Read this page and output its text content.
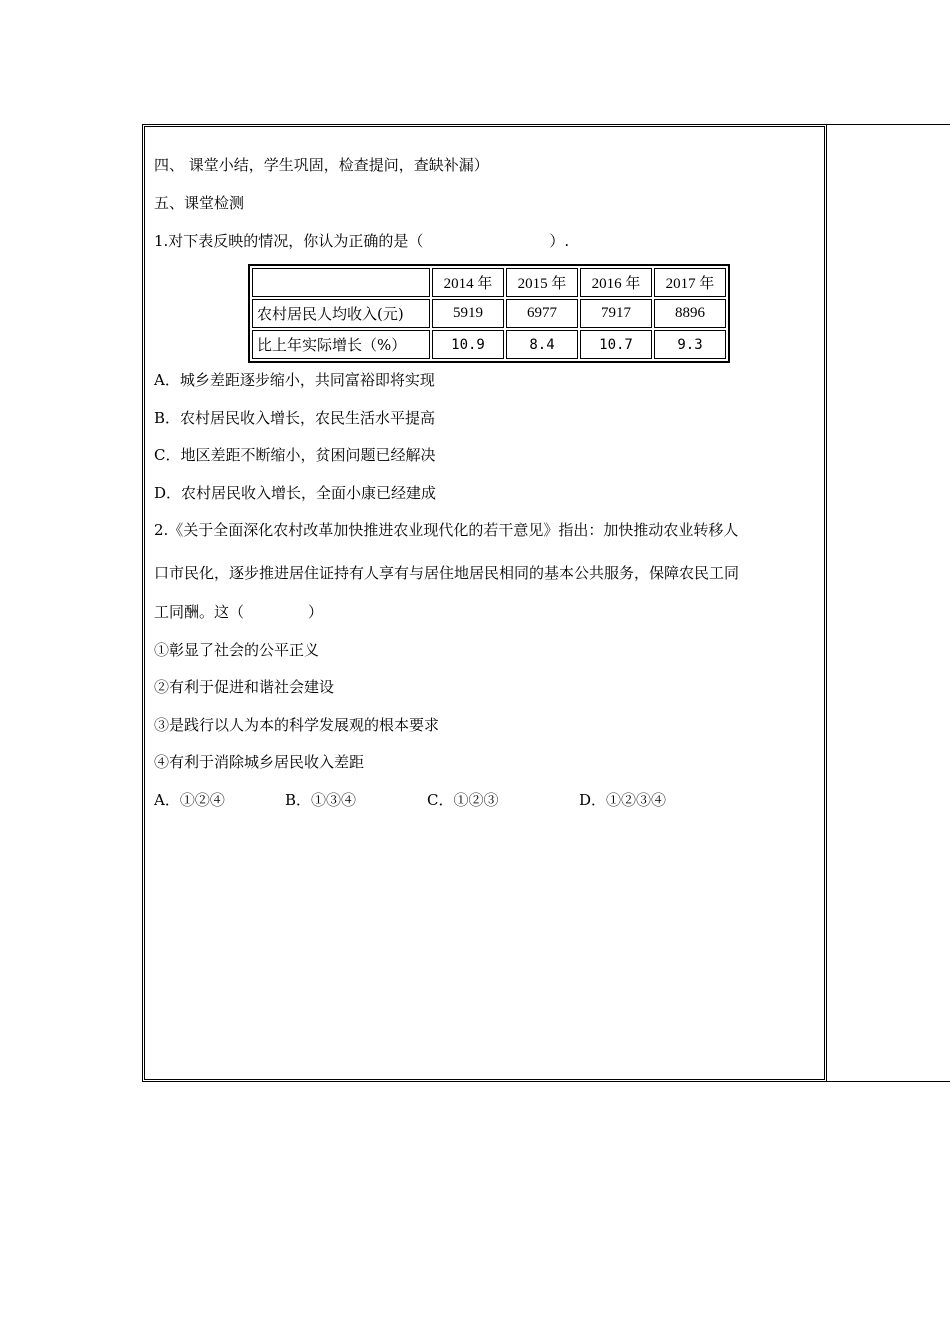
四、 课堂小结，学生巩固，检查提问，查缺补漏）
五、课堂检测
1.对下表反映的情况，你认为正确的是（	）.
	2014 年	2015 年	2016 年	2017 年
农村居民人均收入(元)	5919	6977	7917	8896
比上年实际增长（%）	10.9	8.4	10.7	9.3
A．城乡差距逐步缩小，共同富裕即将实现
B．农村居民收入增长，农民生活水平提高
C．地区差距不断缩小，贫困问题已经解决
D．农村居民收入增长，全面小康已经建成
2.《关于全面深化农村改革加快推进农业现代化的若干意见》指出：加快推动农业转移人
口市民化，逐步推进居住证持有人享有与居住地居民相同的基本公共服务，保障农民工同
工同酬。这（	）
①彰显了社会的公平正义
②有利于促进和谐社会建设
③是践行以人为本的科学发展观的根本要求
④有利于消除城乡居民收入差距
A．①②④	B．①③④	C．①②③	D．①②③④
